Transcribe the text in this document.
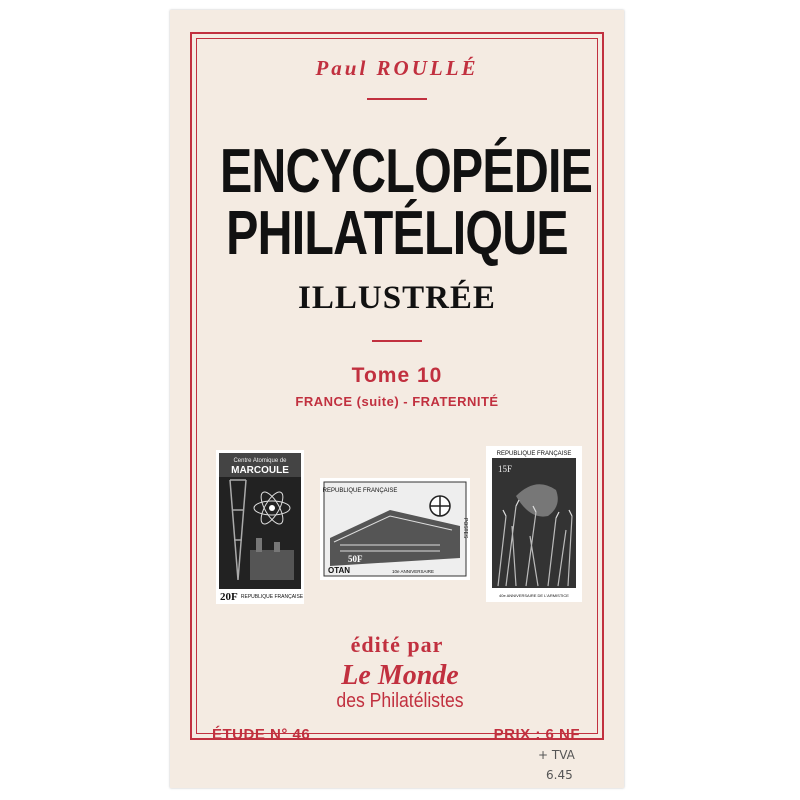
Paul ROULLÉ
ENCYCLOPÉDIE
PHILATÉLIQUE
ILLUSTRÉE
Tome 10
FRANCE (suite) - FRATERNITÉ
Centre Atomique de
MARCOULE
20F REPUBLIQUE FRANÇAISE
REPUBLIQUE FRANÇAISE
POSTES
50F
OTAN	10e ANNIVERSAIRE
REPUBLIQUE FRANÇAISE
15F
40e ANNIVERSAIRE DE L'ARMISTICE
édité par
Le Monde
des Philatélistes
ÉTUDE N° 46	PRIX : 6 NF
+ TVA
6.45
